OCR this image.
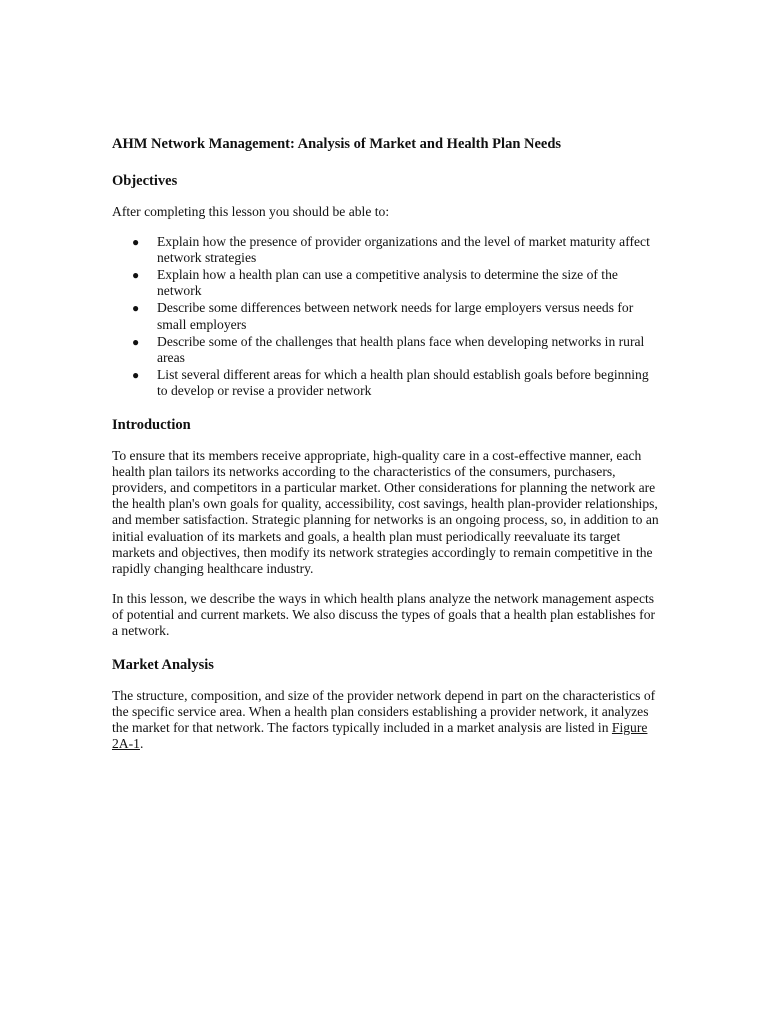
AHM Network Management: Analysis of Market and Health Plan Needs
Objectives

After completing this lesson you should be able to:

● Explain how the presence of provider organizations and the level of market maturity affect network strategies
● Explain how a health plan can use a competitive analysis to determine the size of the network
● Describe some differences between network needs for large employers versus needs for small employers
● Describe some of the challenges that health plans face when developing networks in rural areas
● List several different areas for which a health plan should establish goals before beginning to develop or revise a provider network
Introduction

To ensure that its members receive appropriate, high-quality care in a cost-effective manner, each health plan tailors its networks according to the characteristics of the consumers, purchasers, providers, and competitors in a particular market. Other considerations for planning the network are the health plan's own goals for quality, accessibility, cost savings, health plan-provider relationships, and member satisfaction. Strategic planning for networks is an ongoing process, so, in addition to an initial evaluation of its markets and goals, a health plan must periodically reevaluate its target markets and objectives, then modify its network strategies accordingly to remain competitive in the rapidly changing healthcare industry.

In this lesson, we describe the ways in which health plans analyze the network management aspects of potential and current markets. We also discuss the types of goals that a health plan establishes for a network.

Market Analysis

The structure, composition, and size of the provider network depend in part on the characteristics of the specific service area. When a health plan considers establishing a provider network, it analyzes the market for that network. The factors typically included in a market analysis are listed in Figure 2A-1.
